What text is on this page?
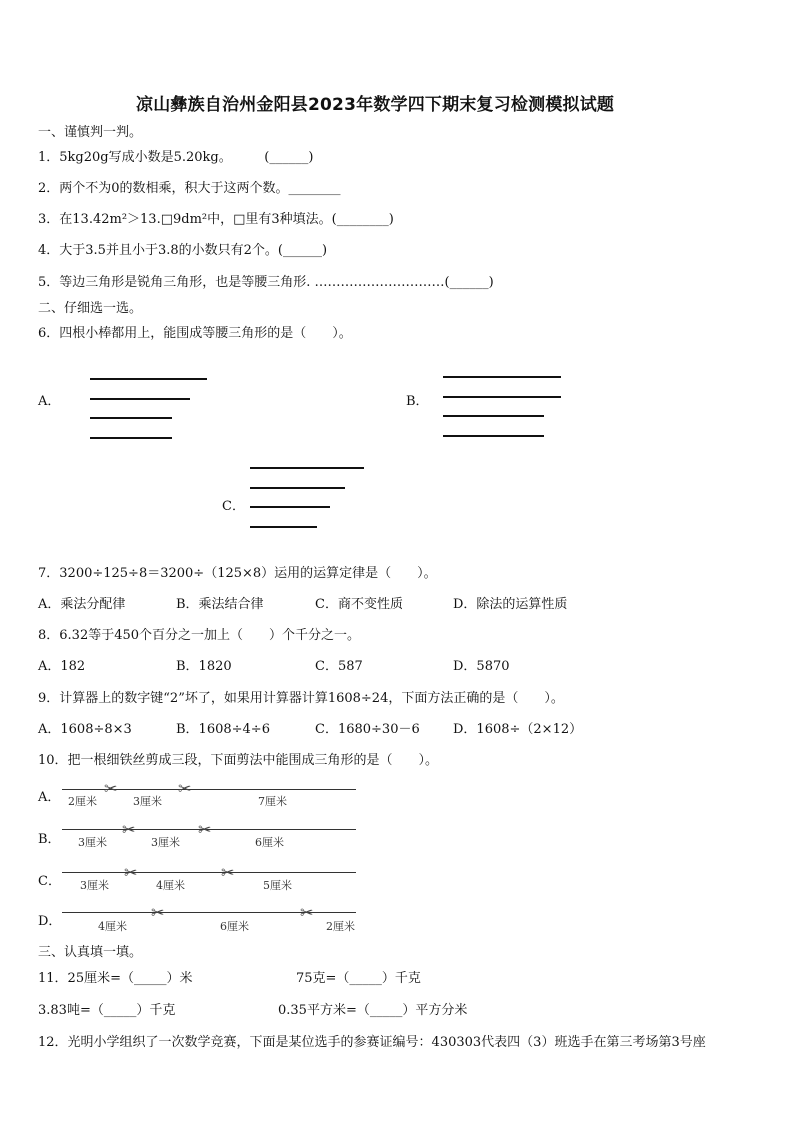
凉山彝族自治州金阳县2023年数学四下期末复习检测模拟试题
一、谨慎判一判。
1．5kg20g写成小数是5.20kg。　　　(______)
2．两个不为0的数相乘，积大于这两个数。________
3．在13.42m²＞13.□9dm²中，□里有3种填法。(________)
4．大于3.5并且小于3.8的小数只有2个。(______)
5．等边三角形是锐角三角形，也是等腰三角形. …………………………(______)
二、仔细选一选。
6．四根小棒都用上，能围成等腰三角形的是（　　）。
A．	B．
C．
7．3200÷125÷8＝3200÷（125×8）运用的运算定律是（　　）。
A．乘法分配律	B．乘法结合律	C．商不变性质	D．除法的运算性质
8．6.32等于450个百分之一加上（　　）个千分之一。
A．182	B．1820	C．587	D．5870
9．计算器上的数字键“2”坏了，如果用计算器计算1608÷24，下面方法正确的是（　　）。
A．1608÷8×3	B．1608÷4÷6	C．1680÷30－6	D．1608÷（2×12）
10．把一根细铁丝剪成三段，下面剪法中能围成三角形的是（　　）。
A．	✂	✂
2厘米	3厘米	7厘米
B．
✂	✂
3厘米	3厘米	6厘米
C．	✂	✂
3厘米	4厘米	5厘米
D．	✂	✂
4厘米	6厘米	2厘米
三、认真填一填。
11．25厘米=（_____）米	75克=（_____）千克
3.83吨=（_____）千克	0.35平方米=（_____）平方分米
12．光明小学组织了一次数学竞赛，下面是某位选手的参赛证编号：430303代表四（3）班选手在第三考场第3号座
